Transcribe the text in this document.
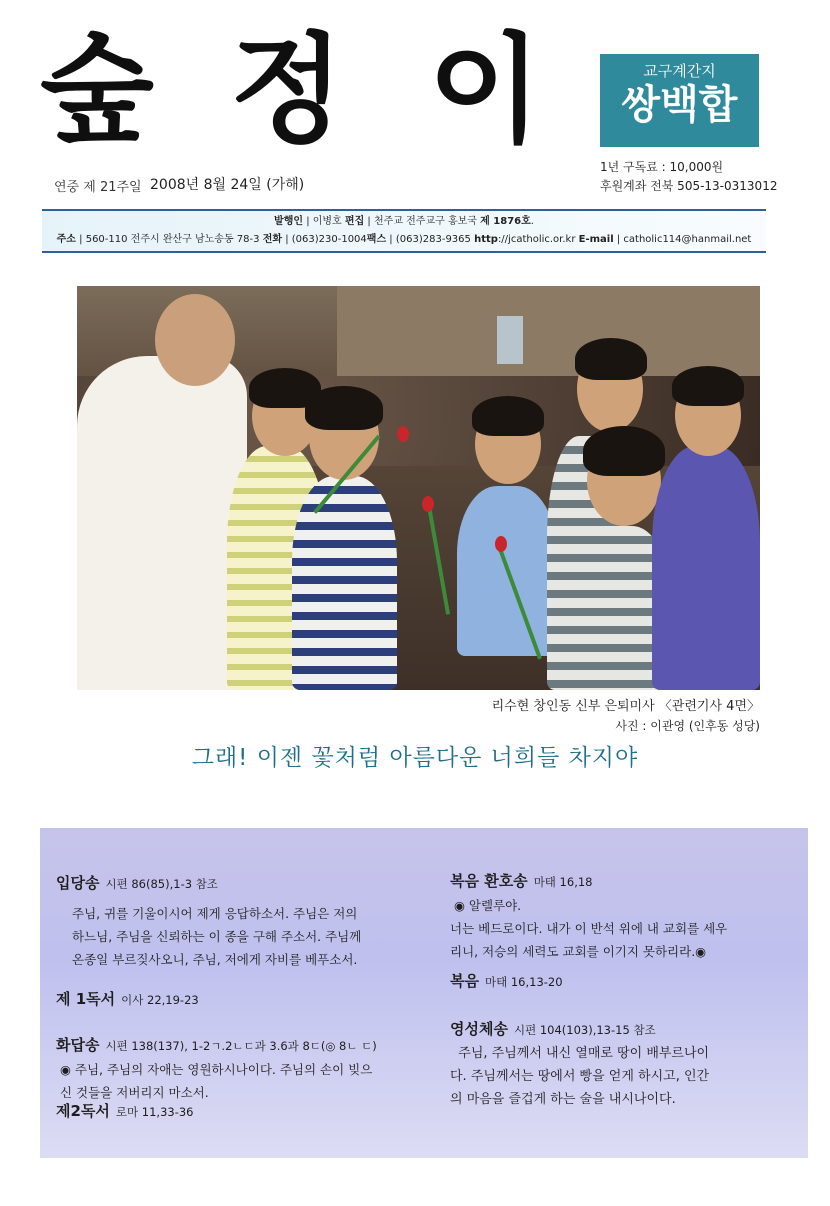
숲 정 이	교구계간지
쌍백합
연중 제 21주일 2008년 8월 24일 (가해)
1년 구독료 : 10,000원
후원계좌 전북 505-13-0313012
발행인 | 이병호 편집 | 천주교 전주교구 홍보국 제 1876호.
주소 | 560-110 전주시 완산구 남노송동 78-3 전화 | (063)230-1004팩스 | (063)283-9365 http://jcatholic.or.kr E-mail | catholic114@hanmail.net
리수현 창인동 신부 은퇴미사 〈관련기사 4면〉
사진 : 이관영 (인후동 성당)
그래! 이젠 꽃처럼 아름다운 너희들 차지야
입당송 시편 86(85),1-3 참조
주님, 귀를 기울이시어 제게 응답하소서. 주님은 저의
하느님, 주님을 신뢰하는 이 종을 구해 주소서. 주님께
온종일 부르짖사오니, 주님, 저에게 자비를 베푸소서.
제 1독서 이사 22,19-23
화답송 시편 138(137), 1-2ㄱ.2ㄴㄷ과 3.6과 8ㄷ(◎ 8ㄴ ㄷ)
◉ 주님, 주님의 자애는 영원하시나이다. 주님의 손이 빚으
신 것들을 저버리지 마소서.
제2독서 로마 11,33-36
복음 환호송 마태 16,18
◉ 알렐루야.
너는 베드로이다. 내가 이 반석 위에 내 교회를 세우
리니, 저승의 세력도 교회를 이기지 못하리라.◉
복음 마태 16,13-20
영성체송 시편 104(103),13-15 참조
주님, 주님께서 내신 열매로 땅이 배부르나이
다. 주님께서는 땅에서 빵을 얻게 하시고, 인간
의 마음을 즐겁게 하는 술을 내시나이다.
